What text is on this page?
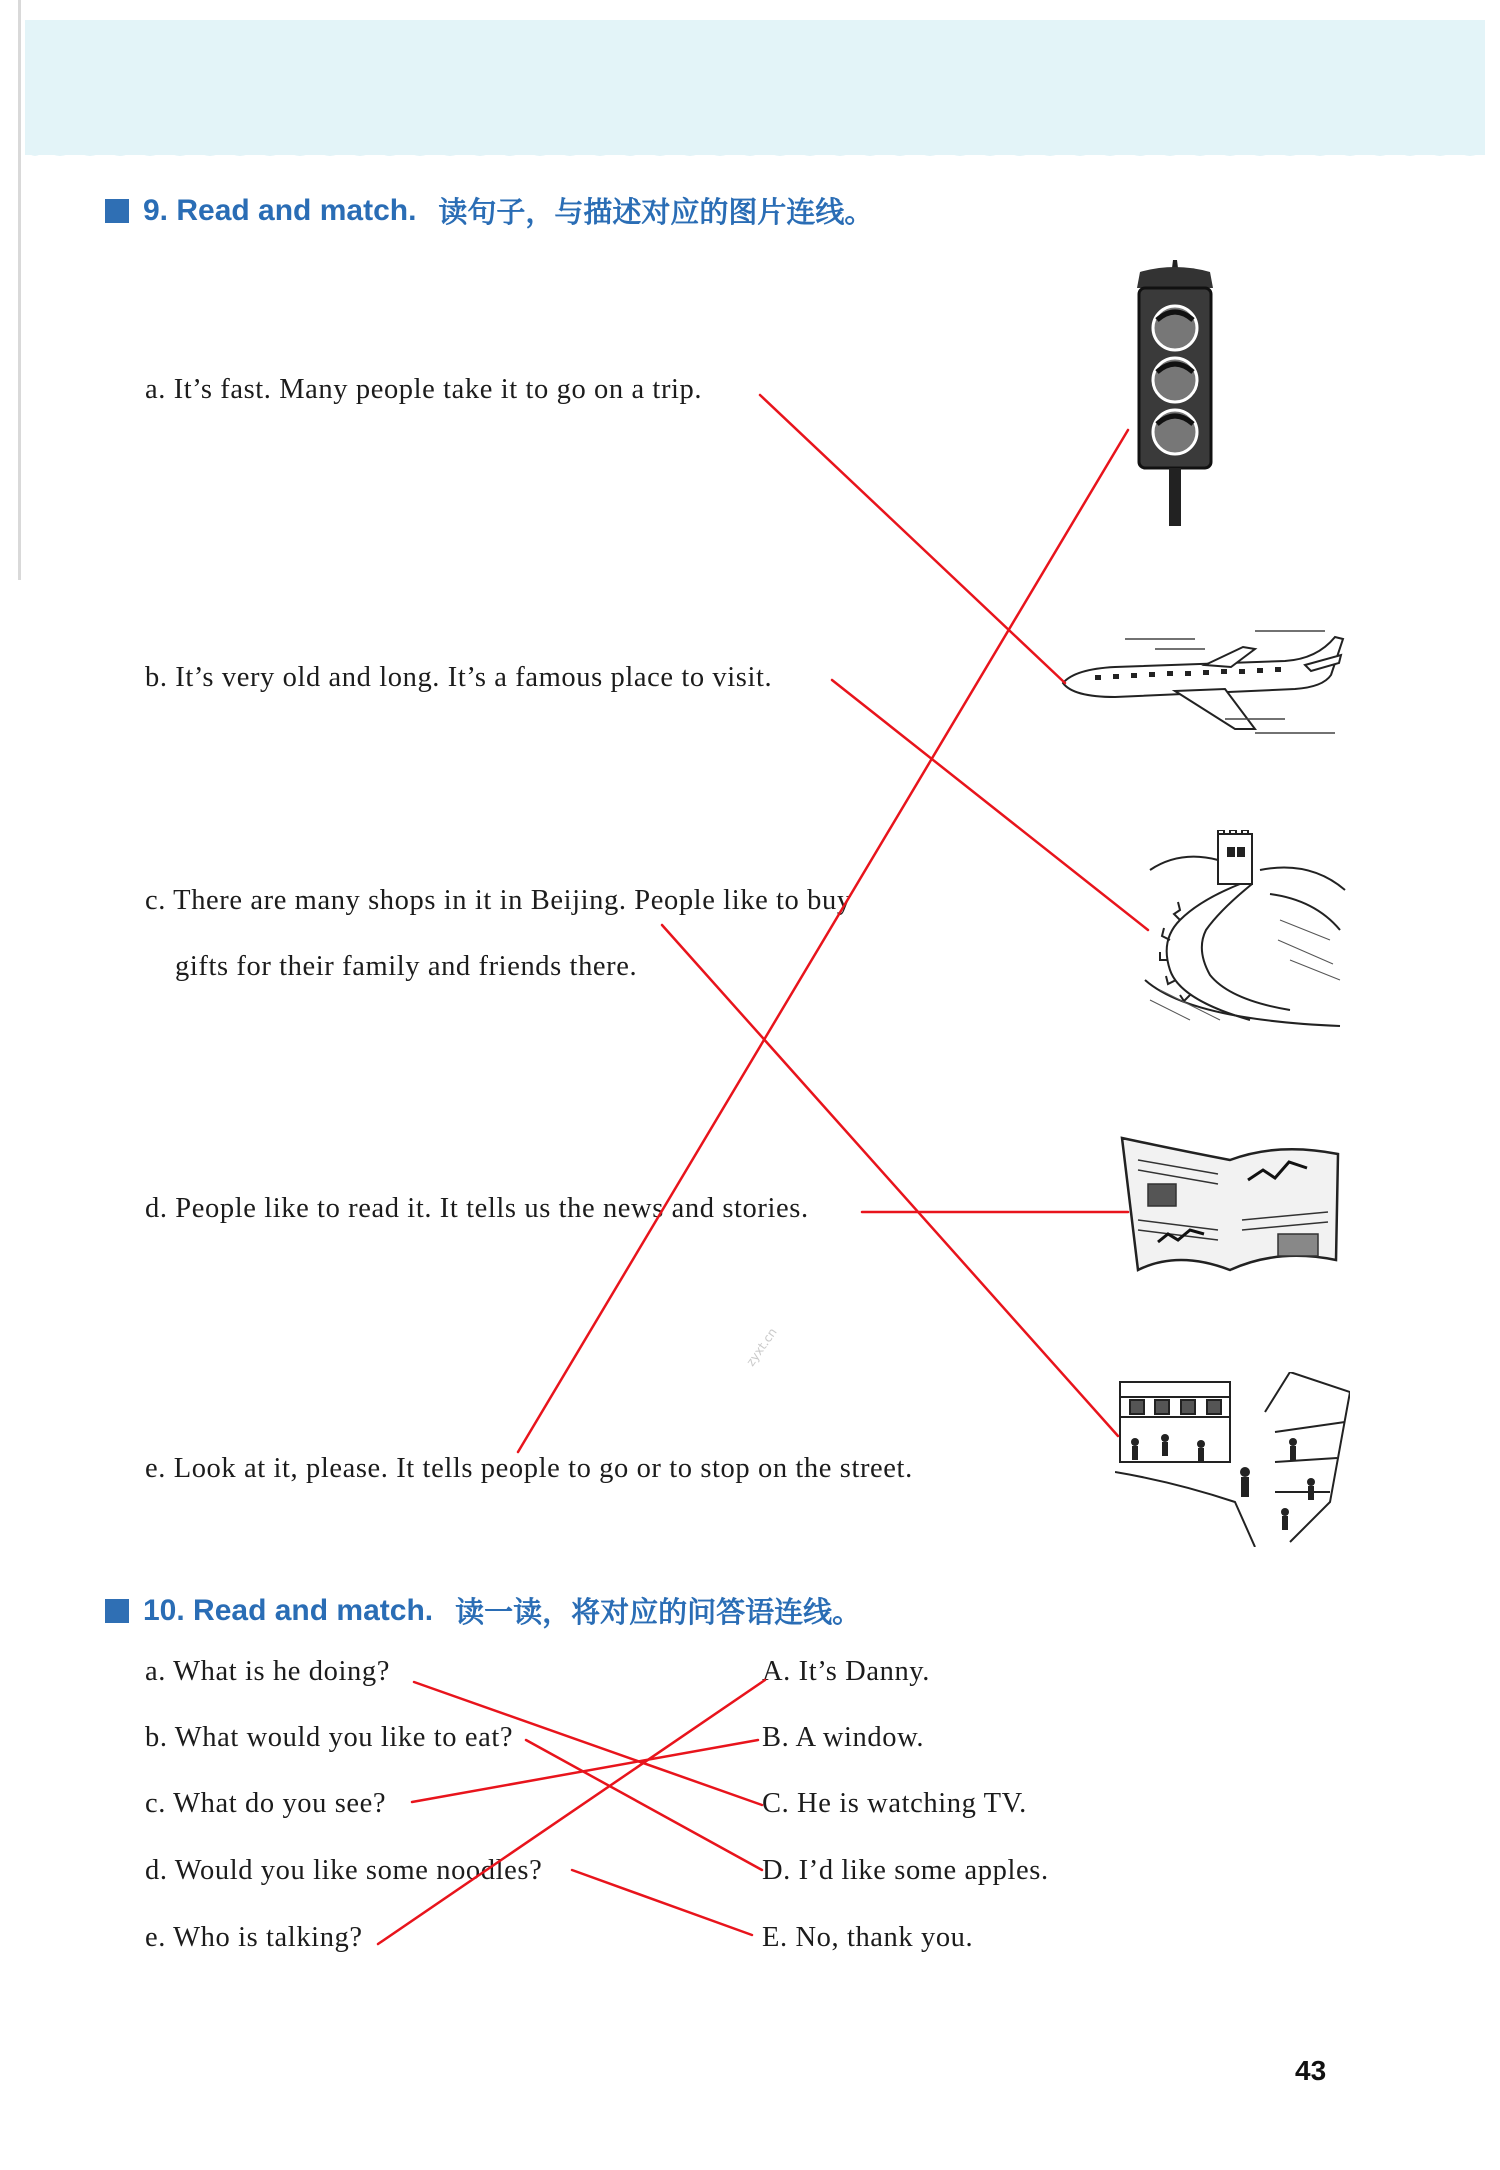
9. Read and match. 读句子，与描述对应的图片连线。
a. It’s fast. Many people take it to go on a trip.
b. It’s very old and long. It’s a famous place to visit.
c. There are many shops in it in Beijing. People like to buy
gifts for their family and friends there.
d. People like to read it. It tells us the news and stories.
e. Look at it, please. It tells people to go or to stop on the street.
zyxt.cn
10. Read and match. 读一读，将对应的问答语连线。
a. What is he doing?
b. What would you like to eat?
c. What do you see?
d. Would you like some noodles?
e. Who is talking?
A. It’s Danny.
B. A window.
C. He is watching TV.
D. I’d like some apples.
E. No, thank you.
43
